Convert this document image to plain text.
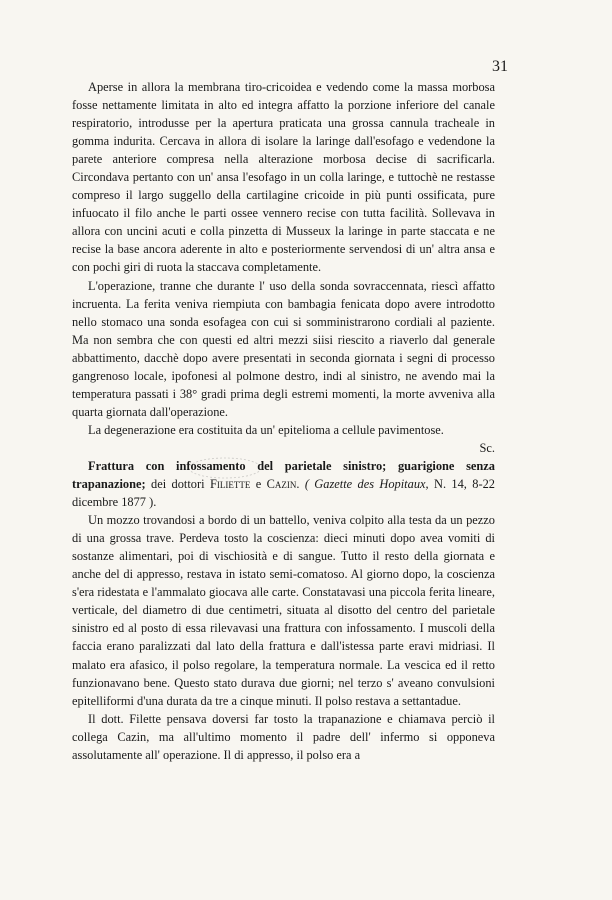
31

Aperse in allora la membrana tiro-cricoidea e vedendo come la massa morbosa fosse nettamente limitata in alto ed integra affatto la porzione inferiore del canale respiratorio, introdusse per la apertura praticata una grossa cannula tracheale in gomma indurita. Cercava in allora di isolare la laringe dall'esofago e vedendone la parete anteriore compresa nella alterazione morbosa decise di sacrificarla. Circondava pertanto con un' ansa l'esofago in un colla laringe, e tuttochè ne restasse compreso il largo suggello della cartilagine cricoide in più punti ossificata, pure infuocato il filo anche le parti ossee vennero recise con tutta facilità. Sollevava in allora con uncini acuti e colla pinzetta di Musseux la laringe in parte staccata e ne recise la base ancora aderente in alto e posteriormente servendosi di un' altra ansa e con pochi giri di ruota la staccava completamente.

L'operazione, tranne che durante l' uso della sonda sovraccennata, riescì affatto incruenta. La ferita veniva riempiuta con bambagia fenicata dopo avere introdotto nello stomaco una sonda esofagea con cui si somministrarono cordiali al paziente. Ma non sembra che con questi ed altri mezzi siisi riescito a riaverlo dal generale abbattimento, dacchè dopo avere presentati in seconda giornata i segni di processo gangrenoso locale, ipofonesi al polmone destro, indi al sinistro, ne avendo mai la temperatura passati i 38° gradi prima degli estremi momenti, la morte avveniva alla quarta giornata dall'operazione.

La degenerazione era costituita da un' epitelioma a cellule pavimentose.

Sc.

Frattura con infossamento del parietale sinistro; guarigione senza trapanazione; dei dottori Filiette e Cazin. ( Gazette des Hopitaux, N. 14, 8-22 dicembre 1877 ).

Un mozzo trovandosi a bordo di un battello, veniva colpito alla testa da un pezzo di una grossa trave. Perdeva tosto la coscienza: dieci minuti dopo avea vomiti di sostanze alimentari, poi di vischiosità e di sangue. Tutto il resto della giornata e anche del di appresso, restava in istato semi-comatoso. Al giorno dopo, la coscienza s'era ridestata e l'ammalato giocava alle carte. Constatavasi una piccola ferita lineare, verticale, del diametro di due centimetri, situata al disotto del centro del parietale sinistro ed al posto di essa rilevavasi una frattura con infossamento. I muscoli della faccia erano paralizzati dal lato della frattura e dall'istessa parte eravi midriasi. Il malato era afasico, il polso regolare, la temperatura normale. La vescica ed il retto funzionavano bene. Questo stato durava due giorni; nel terzo s' aveano convulsioni epitelliformi d'una durata da tre a cinque minuti. Il polso restava a settantadue.

Il dott. Filette pensava doversi far tosto la trapanazione e chiamava perciò il collega Cazin, ma all'ultimo momento il padre dell' infermo si opponeva assolutamente all' operazione. Il di appresso, il polso era a
